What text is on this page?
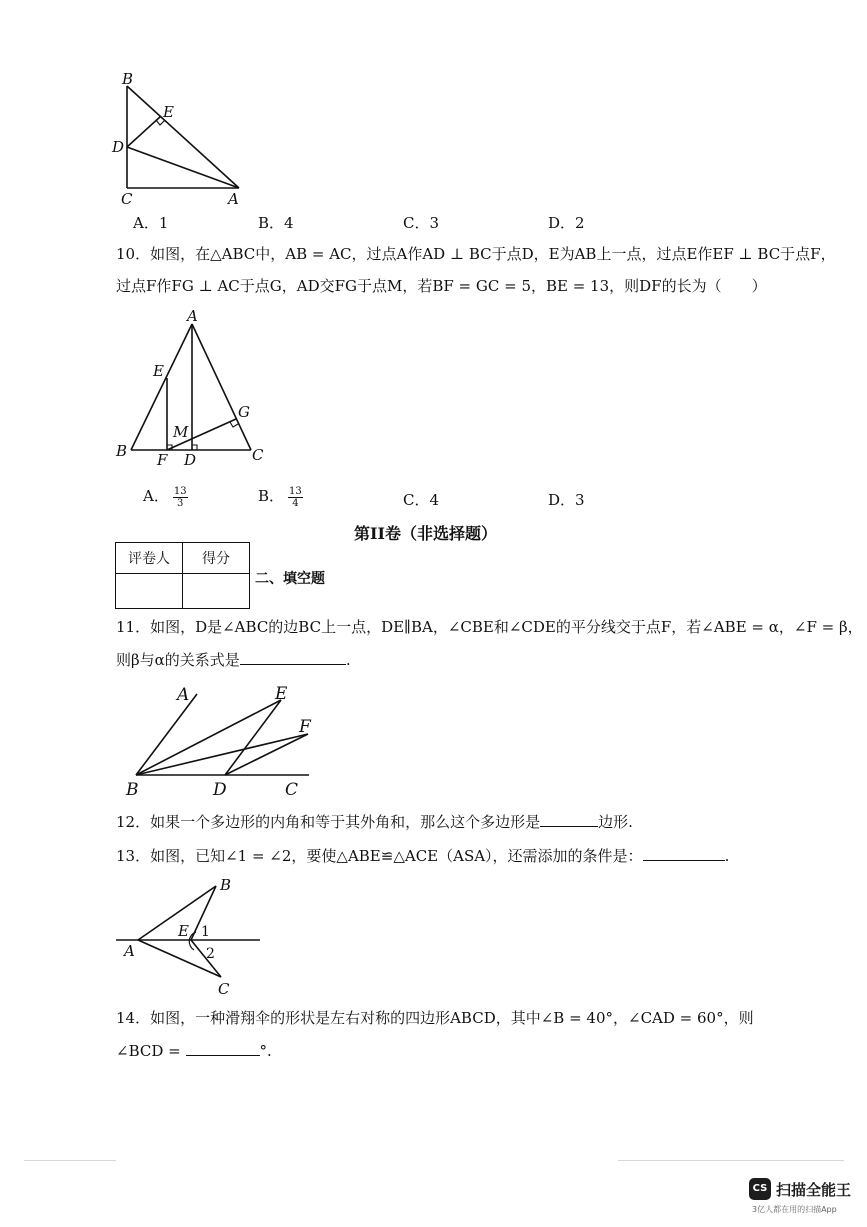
B
E
D
C	A
A．1	B．4	C．3	D．2
10．如图，在△ABC中，AB = AC，过点A作AD ⊥ BC于点D，E为AB上一点，过点E作EF ⊥ BC于点F，
过点F作FG ⊥ AC于点G，AD交FG于点M，若BF = GC = 5，BE = 13，则DF的长为（　　）
A
E
G
M
B F D	C
A． $\frac{13}{3}$	B． $\frac{13}{4}$	C．4	D．3
第II卷（非选择题）
评卷人	得分

二、填空题
11．如图，D是∠ABC的边BC上一点，DE∥BA，∠CBE和∠CDE的平分线交于点F，若∠ABE = α，∠F = β，
则β与α的关系式是	.
A	E
F
B	D	C
12．如果一个多边形的内角和等于其外角和，那么这个多边形是	边形.
13．如图，已知∠1 = ∠2，要使△ABE≌△ACE（ASA），还需添加的条件是：	.
B
E 1
A	2
C
14．如图，一种滑翔伞的形状是左右对称的四边形ABCD，其中∠B = 40°，∠CAD = 60°，则
∠BCD =	°.
CS 扫描全能王
3亿人都在用的扫描App
